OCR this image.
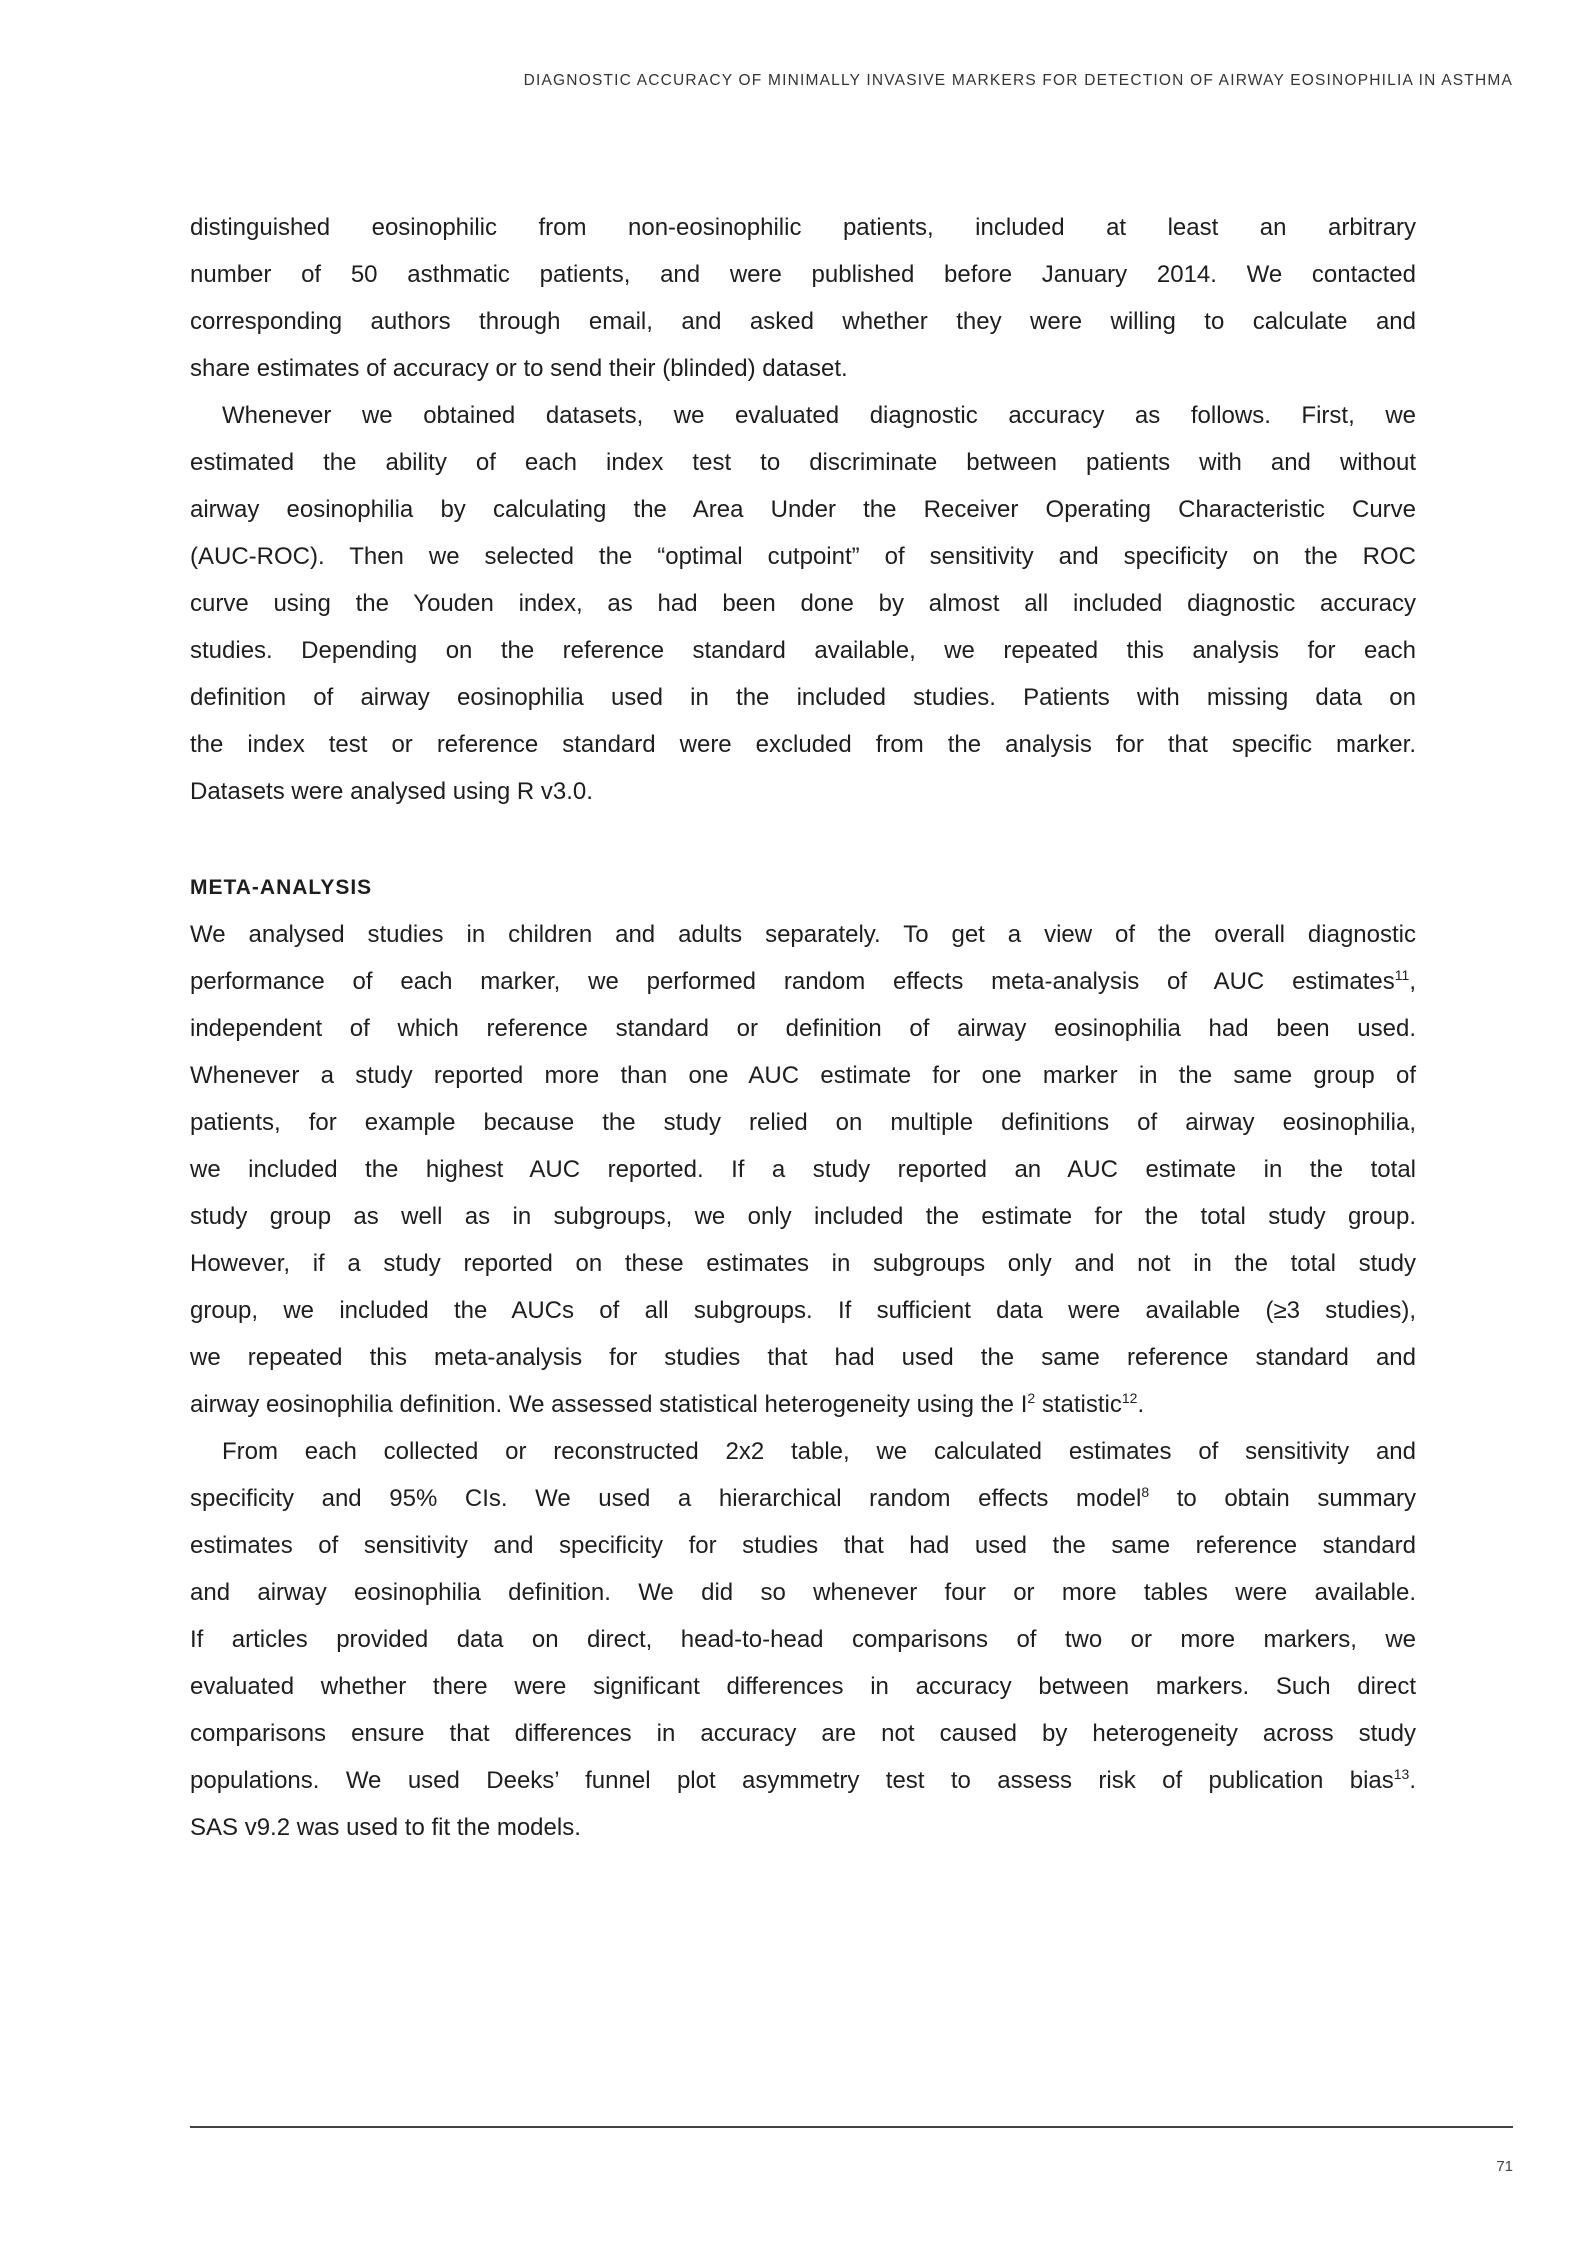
DIAGNOSTIC ACCURACY OF MINIMALLY INVASIVE MARKERS FOR DETECTION OF AIRWAY EOSINOPHILIA IN ASTHMA
distinguished eosinophilic from non-eosinophilic patients, included at least an arbitrary
number of 50 asthmatic patients, and were published before January 2014. We contacted
corresponding authors through email, and asked whether they were willing to calculate and
share estimates of accuracy or to send their (blinded) dataset.
Whenever we obtained datasets, we evaluated diagnostic accuracy as follows. First, we
estimated the ability of each index test to discriminate between patients with and without
airway eosinophilia by calculating the Area Under the Receiver Operating Characteristic Curve
(AUC-ROC). Then we selected the “optimal cutpoint” of sensitivity and specificity on the ROC
curve using the Youden index, as had been done by almost all included diagnostic accuracy
studies. Depending on the reference standard available, we repeated this analysis for each
definition of airway eosinophilia used in the included studies. Patients with missing data on
the index test or reference standard were excluded from the analysis for that specific marker.
Datasets were analysed using R v3.0.
META-ANALYSIS
We analysed studies in children and adults separately. To get a view of the overall diagnostic
performance of each marker, we performed random effects meta-analysis of AUC estimates$^{11}$,
independent of which reference standard or definition of airway eosinophilia had been used.
Whenever a study reported more than one AUC estimate for one marker in the same group of
patients, for example because the study relied on multiple definitions of airway eosinophilia,
we included the highest AUC reported. If a study reported an AUC estimate in the total
study group as well as in subgroups, we only included the estimate for the total study group.
However, if a study reported on these estimates in subgroups only and not in the total study
group, we included the AUCs of all subgroups. If sufficient data were available (≥3 studies),
we repeated this meta-analysis for studies that had used the same reference standard and
airway eosinophilia definition. We assessed statistical heterogeneity using the $I^2$ statistic$^{12}$.
From each collected or reconstructed 2x2 table, we calculated estimates of sensitivity and
specificity and 95% CIs. We used a hierarchical random effects model$^8$ to obtain summary
estimates of sensitivity and specificity for studies that had used the same reference standard
and airway eosinophilia definition. We did so whenever four or more tables were available.
If articles provided data on direct, head-to-head comparisons of two or more markers, we
evaluated whether there were significant differences in accuracy between markers. Such direct
comparisons ensure that differences in accuracy are not caused by heterogeneity across study
populations. We used Deeks’ funnel plot asymmetry test to assess risk of publication bias$^{13}$.
SAS v9.2 was used to fit the models.
71
